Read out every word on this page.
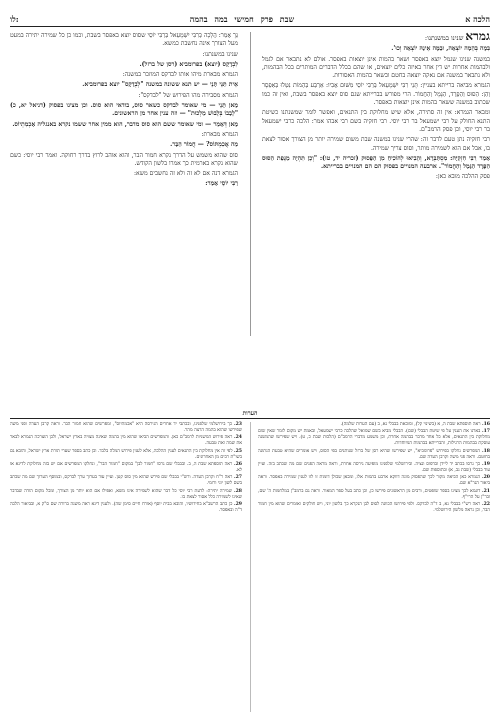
לו:	שבת פרק חמישי במה בהמה	הלכה א
גמרא שנינו במשנתנו:
בִּמֶה בְּהֵמָה יוֹצְאָה, וּבַמֶּה אֵינָהּ יוֹצְאָה וְכוּ'.
במשנה שנינו שגמל יוצא באפסר ושאר בהמות אינן יוצאות באפסר. אולם לא נתבאר אם לגמל ולבהמות אחרות יש דין אחר באיזה כלים יוצאים, או שהם בכלל הדברים המותרים בכל הבהמות, ולא נתבאר במשנה אם נאקה יוצאה בחטם ובשאר בהמות האסורות.
הגמרא מביאה ברייתא בעניין: תָּנֵי רִבִּי יִשְׁמָעֵאל בְּרַבִּי יוֹסֵי מִשּׁוּם אָבִיו: אַרְבַּע בְּהֵמוֹת נִטְּלוּ בְּאַפְסָר וְהֵן: הַסּוּס וְהַפֶּרֶד, הַגָּמָל וְהַחֲמוֹר. הרי מפורש בברייתא שגם סוס יוצא באפסר בשבת, ואין זה כמו שכתוב במשנה ששאר בהמות אינן יוצאות באפסר.
ומבאר הגמרא: אין זה סתירה, אלא שיש מחלוקת בין התנאים, ואפשר לומר שמשנתנו כשיטת התנא החולק על רבי ישמעאל בר רבי יוסי. רבי חזקיה בשם רבי אבהו אמר: הלכה כרבי ישמעאל בר רבי יוסי, וכן פסק הרמב"ם.
רבי חזקיה נתן טעם לדבר זה: שהרי שנינו במשנה שבת משום שמירה יותר מן הצורך אסור לצאת בו, אבל אם הוא לשמירה מותר, וסוס צריך שמירה.
אָמַר רִבִּי חִזְקִיָּה: מִסְתַּבְּרָא, וְהֵבִיאוּ לְהוֹכִיחַ מִן הַפָּסוּק (זכריה יד, טו): "וְכֵן תִּהְיֶה מַגֵּפַת הַסּוּס הַפֶּרֶד הַגָּמָל וְהַחֲמוֹר". ארבעה המנויים בפסוק הם הם המנויים בברייתא.
פסק ההלכה מובא כאן:
גְּרָ אָמַר: הֲלָכָה כְּרִבִּי יִשְׁמָעֵאל בְּרַבִּי יוֹסֵי שסוס יוצא באפסר בשבת, וכמו כן כל שמירה יתירה במעט מעל הצורך אינה נחשבת כמשא.
שנינו במשנתנו:
לִבְדָקָס (יוצא) בפרומביא (רסן של ברזל).
הגמרא מבארת מיהו אותו לבדקס המוזכר במשנה:
אֵית תַּנֵּי תָּנֵי — יש תנא ששונה במשנה "לְבְדָקָס" יוצא בפרומביא.
הגמרא מסבירה מהו הפירוש של "לבדקס":
מָאן תָּנֵי — מי שאומר לבדקס כשאר סוס, בודאי הוא סוס. וכן מצינו בפסוק (דניאל יא, כ) "לֵבָבוֹ בְּלֵבוּשׁ מַלְכוּת" — וזה ענין אחר מן הראשונים.
מָאן דְּאָמַר — ומי שאומר ששם הוא סוס מדבר, הוא ממין אחר ששמו נקרא באנגליה אַכְמִתְיוֹס.
הגמרא מבארת:
מַה אֲכִמְתּוֹס? — חֲמוֹר הַבָּר.
סוס שהוא משמש על הדרך נקרא חמור הבר, והוא אוהב לרוץ בדרך רחוקה. ואמר רבי יוסי: כשם שהוא נקרא בארמית כך אמרו בלשון הקודש.
הגמרא דנה אם לא זה ולא זה נחשבים משא:
רַבִּי יוֹסֵי אָמַר:
הערות
16. ראה תוספתא שבת ה, א (בשינוי קל), ומובאת בבבלי נא, ב (עם הערות שלמה).
17. בארנו את הענין על פי שיטת הבבלי (שם). הבבלי מביא בשם שמואל שהלכה כרבי ישמעאל, ובאמת יש מקום לומר שאין שום מחלוקת בין התנאים, אלא כל אחד מדבר בבהמה אחרת, וכן משמע מדברי הרמב"ם (הלכות שבת כ, ט). ויש שפירשו שהמשנה עוסקת בבהמות הרגילות, והברייתא בבהמות המיוחדות.
18. המפרשים נחלקו בפירוש "פרומביא", יש שפירשו שהיא רסן של ברזל שנותנים בפי הסוס, ויש אומרים שהיא טבעת הנתונה בחוטם. וראה פני משה וקרבן העדה שם.
19. כך גרסו בכתב יד ליידן ובדפוס ונציה. ובירושלמי שלפנינו מופיעה גירסה אחרת, וראה מראה הפנים שם מה שכתב בזה. ועיין עוד בבבלי (שבת נב, א) ובתוספות שם.
20. הגמרא כאן הביאה מקור לכך שהפסוק מונה דווקא ארבע בהמות אלו, ומכאן שכולן דומות זו לזו לענין שמירה באפסר. וראה ביאור הגר"א שם.
21. דוגמא לכך מצינו בספר שופטים, ורבים מן הראשונים פירשו כן, וכן כתב בעל ספר המאור. וראה גם ברמב"ן במלחמות ה' שם, ובר"ן על הרי"ף.
22. ראה רש"י בבבלי נא, ב ד"ה לבדקס. ולפי פירושו הכוונה לסוס לבן הנקרא כך בלשון יוני, ויש חולקים ואומרים שהוא מין חמור הבר, וכן נראה מלשון הירושלמי.
23. כך בירושלמי שלפנינו, ובכתבי יד אחרים הגירסה היא "אכמתיוס", ומפרשים שהוא חמור הבר. וראה קרבן העדה ופני משה שפירשו שהוא בהמה הרצה מהר.
24. ראה פירוש המשניות לרמב"ם כאן. והמפרשים הביאו שהוא מין בהמה שאינה מצויה בארץ ישראל, ולכן הוצרכה הגמרא לבאר את שמה ואת טבעה.
25. לפי זה אין מחלוקת בין התנאים לענין ההלכה, אלא לענין פירוש המלה בלבד. וכן כתב בספר שערי תורת ארץ ישראל, והובא גם בשו"ת רבים מן האחרונים.
26. ראה תוספתא שבת ה, ב. ובבבלי שם גרסו "חמור לבן" במקום "חמור הבר", ונחלקו המפרשים אם יש בזה מחלוקת לדינא או לא.
27. ראה ר"ח וקרבן העדה. ורש"י בבבלי שם פירש שהוא מין סוס קטן. ועיין עוד בערוך ערך לבדקס, ובמוסף הערוך שם מה שכתב בשם לשון יוני ורומי.
28. שמירה יתירה: לדעת רבי יוסי כל דבר שהוא לשמירה אינו משא, ואפילו אם הוא יותר מן הצורך, ומכל מקום הודה שבדבר שאינו לשמירה כלל אסור לצאת בו.
29. כן כתב הרשב"א בחידושיו, והובא בבית יוסף (אורח חיים סימן שה). ולענין דינא ראה משנה ברורה שם ס"ק א, ובביאור הלכה ד"ה ובאפסר.
